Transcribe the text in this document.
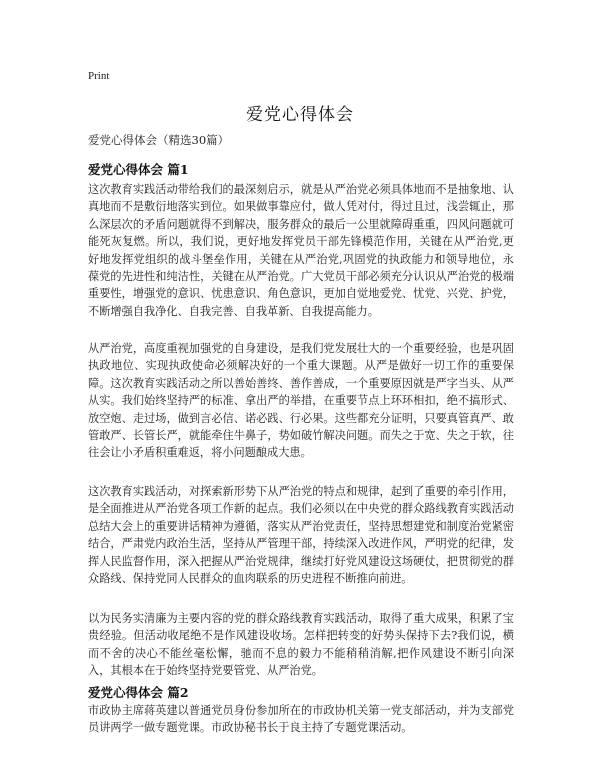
Print
爱党心得体会
爱党心得体会（精选30篇）
爱党心得体会 篇1
这次教育实践活动带给我们的最深刻启示，就是从严治党必须具体地而不是抽象地、认真地而不是敷衍地落实到位。如果做事靠应付，做人凭对付，得过且过，浅尝辄止，那么深层次的矛盾问题就得不到解决，服务群众的最后一公里就障碍重重，四风问题就可能死灰复燃。所以，我们说，更好地发挥党员干部先锋模范作用，关键在从严治党,更好地发挥党组织的战斗堡垒作用，关键在从严治党,巩固党的执政能力和领导地位，永葆党的先进性和纯洁性，关键在从严治党。广大党员干部必须充分认识从严治党的极端重要性，增强党的意识、忧患意识、角色意识，更加自觉地爱党、忧党、兴党、护党，不断增强自我净化、自我完善、自我革新、自我提高能力。
从严治党，高度重视加强党的自身建设，是我们党发展壮大的一个重要经验，也是巩固执政地位、实现执政使命必须解决好的一个重大课题。从严是做好一切工作的重要保障。这次教育实践活动之所以善始善终、善作善成，一个重要原因就是严字当头、从严从实。我们始终坚持严的标准、拿出严的举措，在重要节点上环环相扣，绝不搞形式、放空炮、走过场，做到言必信、诺必践、行必果。这些都充分证明，只要真管真严、敢管敢严、长管长严，就能牵住牛鼻子，势如破竹解决问题。而失之于宽、失之于软，往往会让小矛盾积重难返，将小问题酿成大患。
这次教育实践活动，对探索新形势下从严治党的特点和规律，起到了重要的牵引作用，是全面推进从严治党各项工作新的起点。我们必须以在中央党的群众路线教育实践活动总结大会上的重要讲话精神为遵循，落实从严治党责任，坚持思想建党和制度治党紧密结合，严肃党内政治生活，坚持从严管理干部，持续深入改进作风，严明党的纪律，发挥人民监督作用，深入把握从严治党规律，继续打好党风建设这场硬仗，把贯彻党的群众路线、保持党同人民群众的血肉联系的历史进程不断推向前进。
以为民务实清廉为主要内容的党的群众路线教育实践活动，取得了重大成果，积累了宝贵经验。但活动收尾绝不是作风建设收场。怎样把转变的好势头保持下去?我们说，横而不舍的决心不能丝毫松懈，驰而不息的毅力不能稍稍消解,把作风建设不断引向深入，其根本在于始终坚持党要管党、从严治党。
爱党心得体会 篇2
市政协主席蒋英建以普通党员身份参加所在的市政协机关第一党支部活动，并为支部党员讲两学一做专题党课。市政协秘书长于良主持了专题党课活动。
